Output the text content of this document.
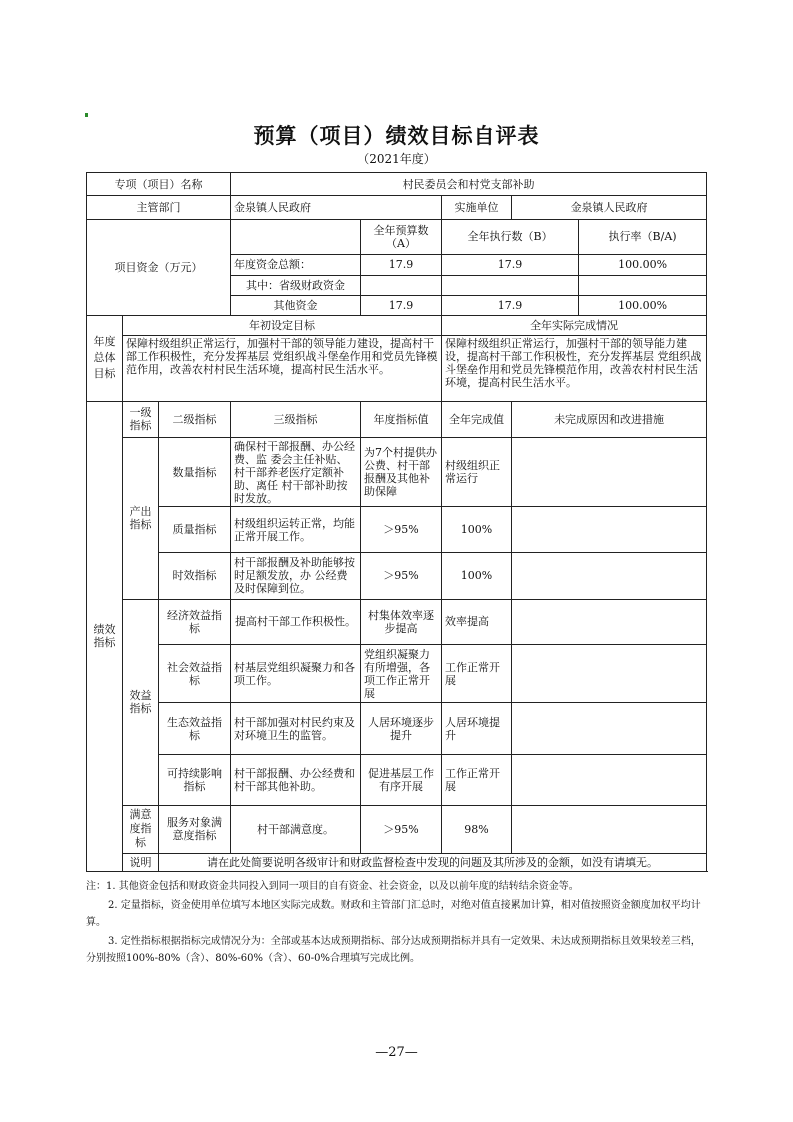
预算（项目）绩效目标自评表
（2021年度）
专项（项目）名称			村民委员会和村党支部补助				
主管部门			金泉镇人民政府		实施单位	金泉镇人民政府	
项目资金（万元）				全年预算数（A）	全年执行数（B）		执行率（B/A)
			年度资金总额：	17.9	17.9		100.00%
			其中：省级财政资金				
			其他资金	17.9	17.9		100.00%
年度总体目标	年初设定目标				全年实际完成情况		
	保障村级组织正常运行，加强村干部的领导能力建设，提高村干部工作积极性，充分发挥基层 党组织战斗堡垒作用和党员先锋模范作用，改善农村村民生活环境，提高村民生活水平。				保障村级组织正常运行，加强村干部的领导能力建设，提高村干部工作积极性，充分发挥基层 党组织战斗堡垒作用和党员先锋模范作用，改善农村村民生活环境，提高村民生活水平。		
绩效指标	一级指标	二级指标	三级指标	年度指标值	全年完成值	未完成原因和改进措施	
	产出指标	数量指标	确保村干部报酬、办公经费、监 委会主任补贴、村干部养老医疗定额补助、离任 村干部补助按时发放。	为7个村提供办公费、村干部报酬及其他补助保障	村级组织正常运行		
		质量指标	村级组织运转正常，均能正常开展工作。	＞95%	100%		
		时效指标	村干部报酬及补助能够按时足额发放，办 公经费及时保障到位。	＞95%	100%		
	效益指标	经济效益指标	提高村干部工作积极性。	村集体效率逐步提高	效率提高		
		社会效益指标	村基层党组织凝聚力和各项工作。	党组织凝聚力有所增强，各项工作正常开展	工作正常开展		
		生态效益指标	村干部加强对村民约束及对环境卫生的监管。	人居环境逐步提升	人居环境提升		
		可持续影响指标	村干部报酬、办公经费和村干部其他补助。	促进基层工作有序开展	工作正常开展		
	满意度指标	服务对象满意度指标	村干部满意度。	＞95%	98%		
	说明	请在此处简要说明各级审计和财政监督检查中发现的问题及其所涉及的金额，如没有请填无。					

注：1. 其他资金包括和财政资金共同投入到同一项目的自有资金、社会资金，以及以前年度的结转结余资金等。

2. 定量指标，资金使用单位填写本地区实际完成数。财政和主管部门汇总时，对绝对值直接累加计算，相对值按照资金额度加权平均计算。

3. 定性指标根据指标完成情况分为：全部或基本达成预期指标、部分达成预期指标并具有一定效果、未达成预期指标且效果较差三档，分别按照100%-80%（含）、80%-60%（含）、60-0%合理填写完成比例。

—27—
